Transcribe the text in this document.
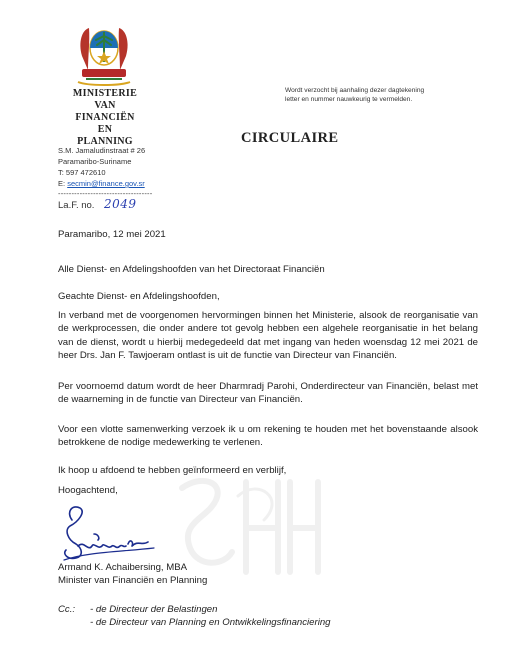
MINISTERIE
VAN
FINANCIËN
EN
PLANNING
S.M. Jamaludinstraat # 26
Paramaribo-Suriname
T: 597 472610
E: secmin@finance.gov.sr
-----------------------------------
La.F. no. 2049
Wordt verzocht bij aanhaling dezer dagtekening
letter en nummer nauwkeurig te vermelden.
CIRCULAIRE
Paramaribo, 12 mei 2021
Alle Dienst- en Afdelingshoofden van het Directoraat Financiën
Geachte Dienst- en Afdelingshoofden,
In verband met de voorgenomen hervormingen binnen het Ministerie, alsook de reorganisatie van de werkprocessen, die onder andere tot gevolg hebben een algehele reorganisatie in het belang van de dienst, wordt u hierbij medegedeeld dat met ingang van heden woensdag 12 mei 2021 de heer Drs. Jan F. Tawjoeram ontlast is uit de functie van Directeur van Financiën.
Per voornoemd datum wordt de heer Dharmradj Parohi, Onderdirecteur van Financiën, belast met de waarneming in de functie van Directeur van Financiën.
Voor een vlotte samenwerking verzoek ik u om rekening te houden met het bovenstaande alsook betrokkene de nodige medewerking te verlenen.
Ik hoop u afdoend te hebben geïnformeerd en verblijf,
Hoogachtend,
Armand K. Achaibersing, MBA
Minister van Financiën en Planning
Cc.: - de Directeur der Belastingen
- de Directeur van Planning en Ontwikkelingsfinanciering
